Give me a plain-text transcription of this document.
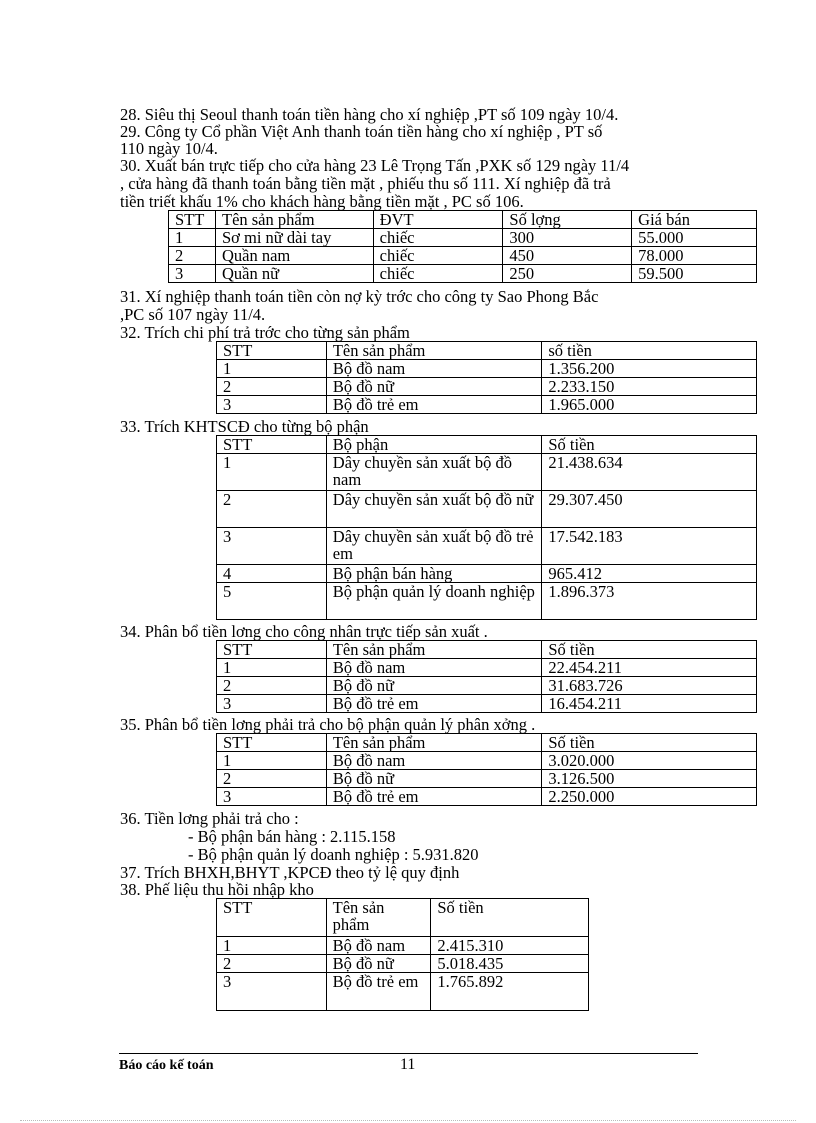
28. Siêu thị Seoul thanh toán tiền hàng cho xí nghiệp ,PT số 109 ngày 10/4.
29. Công ty Cổ phần Việt Anh thanh toán tiền hàng cho xí nghiệp , PT số
110 ngày 10/4.
30. Xuất bán trực tiếp cho cửa hàng 23 Lê Trọng Tấn ,PXK số 129 ngày 11/4
, cửa hàng đã thanh toán bằng tiền mặt , phiếu thu số 111. Xí nghiệp đã trả
tiền triết khấu 1% cho khách hàng bằng tiền mặt , PC số 106.
STT	Tên sản phẩm	ĐVT	Số lợng	Giá bán
1	Sơ mi nữ dài tay	chiếc	300	55.000
2	Quần nam	chiếc	450	78.000
3	Quần nữ	chiếc	250	59.500
31. Xí nghiệp thanh toán tiền còn nợ kỳ trớc cho công ty Sao Phong Bắc
,PC số 107 ngày 11/4.
32. Trích chi phí trả trớc cho từng sản phẩm
STT	Tên sản phẩm	số tiền
1	Bộ đồ nam	1.356.200
2	Bộ đồ nữ	2.233.150
3	Bộ đồ trẻ em	1.965.000
33. Trích KHTSCĐ cho từng bộ phận
STT	Bộ phận	Số tiền
1	Dây chuyền sản xuất bộ đồ nam	21.438.634
2	Dây chuyền sản xuất bộ đồ nữ	29.307.450
3	Dây chuyền sản xuất bộ đồ trẻ em	17.542.183
4	Bộ phận bán hàng	965.412
5	Bộ phận quản lý doanh nghiệp	1.896.373
34. Phân bổ tiền lơng cho công nhân trực tiếp sản xuất .
STT	Tên sản phẩm	Số tiền
1	Bộ đồ nam	22.454.211
2	Bộ đồ nữ	31.683.726
3	Bộ đồ trẻ em	16.454.211
35. Phân bổ tiền lơng phải trả cho bộ phận quản lý phân xởng .
STT	Tên sản phẩm	Số tiền
1	Bộ đồ nam	3.020.000
2	Bộ đồ nữ	3.126.500
3	Bộ đồ trẻ em	2.250.000
36. Tiền lơng phải trả cho :
- Bộ phận bán hàng : 2.115.158
- Bộ phận quản lý doanh nghiệp : 5.931.820
37. Trích BHXH,BHYT ,KPCĐ theo tỷ lệ quy định
38. Phế liệu thu hồi nhập kho
STT	Tên sản phẩm	Số tiền
1	Bộ đồ nam	2.415.310
2	Bộ đồ nữ	5.018.435
3	Bộ đồ trẻ em	1.765.892
Báo cáo kế toán	11
